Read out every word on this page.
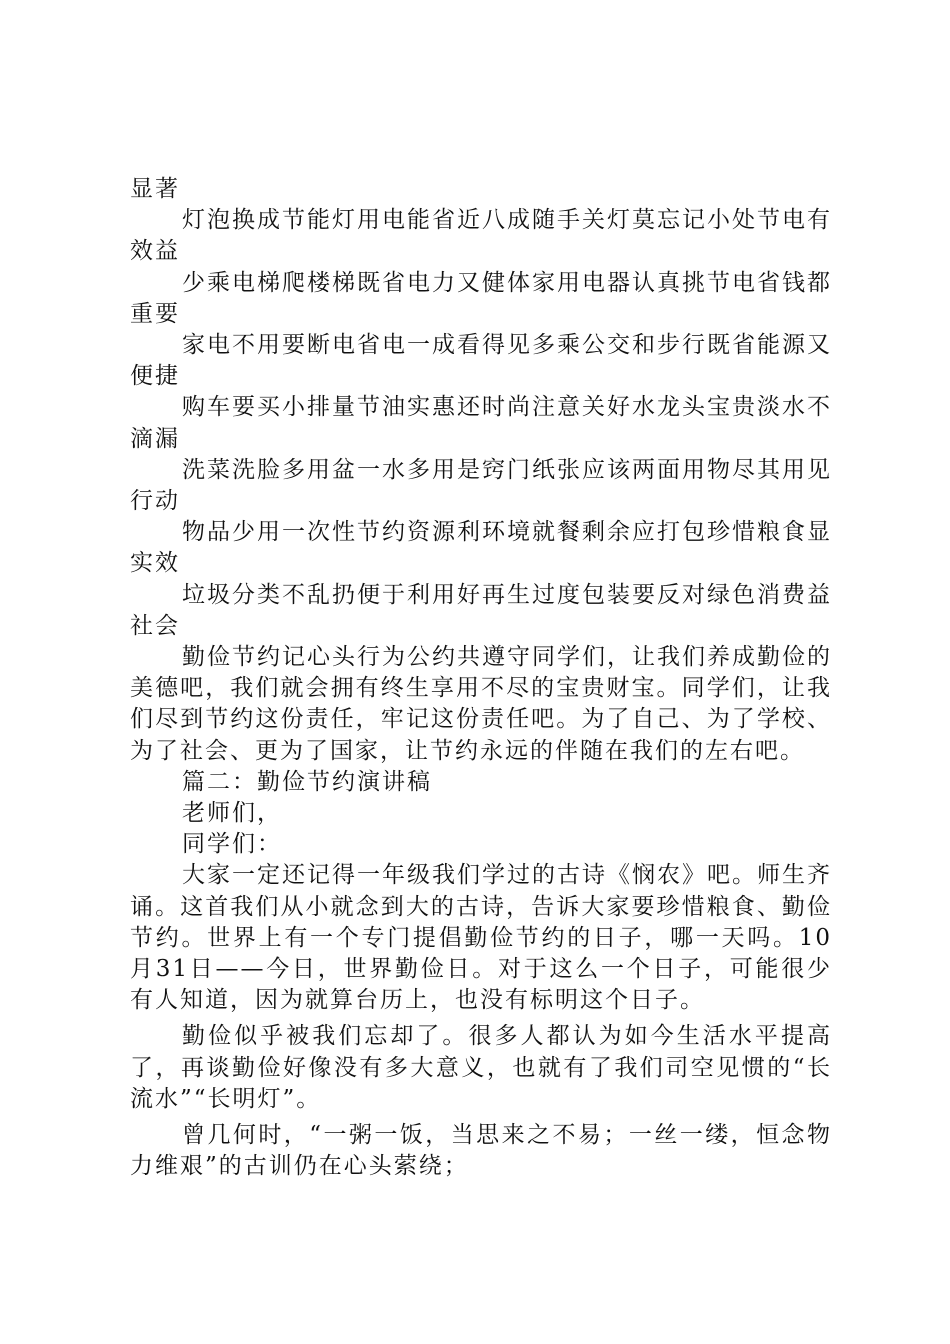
显著

灯泡换成节能灯用电能省近八成随手关灯莫忘记小处节电有效益

少乘电梯爬楼梯既省电力又健体家用电器认真挑节电省钱都重要

家电不用要断电省电一成看得见多乘公交和步行既省能源又便捷

购车要买小排量节油实惠还时尚注意关好水龙头宝贵淡水不滴漏

洗菜洗脸多用盆一水多用是窍门纸张应该两面用物尽其用见行动

物品少用一次性节约资源利环境就餐剩余应打包珍惜粮食显实效

垃圾分类不乱扔便于利用好再生过度包装要反对绿色消费益社会

勤俭节约记心头行为公约共遵守同学们，让我们养成勤俭的美德吧，我们就会拥有终生享用不尽的宝贵财宝。同学们，让我们尽到节约这份责任，牢记这份责任吧。为了自己、为了学校、为了社会、更为了国家，让节约永远的伴随在我们的左右吧。

篇二：勤俭节约演讲稿

老师们，

同学们：

大家一定还记得一年级我们学过的古诗《悯农》吧。师生齐诵。这首我们从小就念到大的古诗，告诉大家要珍惜粮食、勤俭节约。世界上有一个专门提倡勤俭节约的日子，哪一天吗。10月31日——今日，世界勤俭日。对于这么一个日子，可能很少有人知道，因为就算台历上，也没有标明这个日子。

勤俭似乎被我们忘却了。很多人都认为如今生活水平提高了，再谈勤俭好像没有多大意义，也就有了我们司空见惯的“长流水”“长明灯”。

曾几何时，“一粥一饭，当思来之不易；一丝一缕，恒念物力维艰”的古训仍在心头萦绕；
